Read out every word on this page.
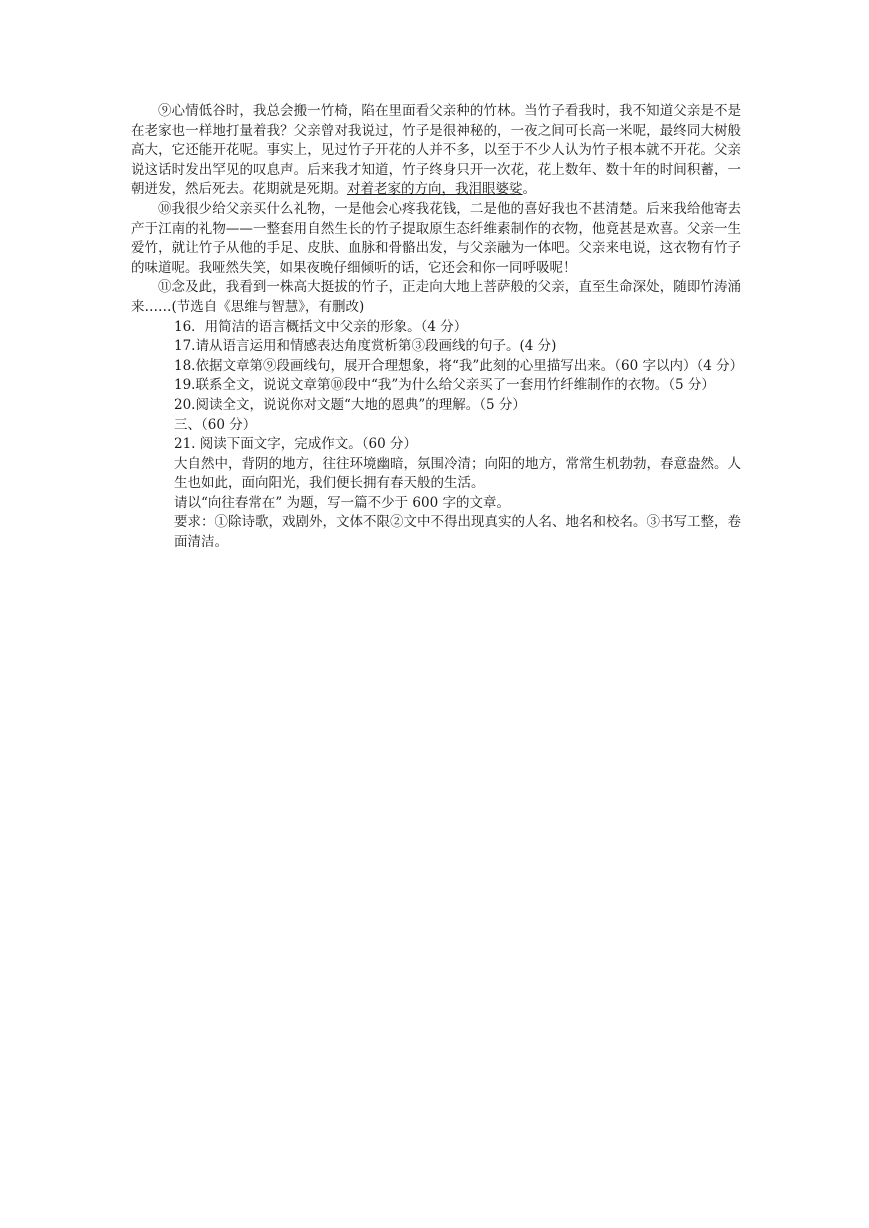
⑨心情低谷时，我总会搬一竹椅，陷在里面看父亲种的竹林。当竹子看我时，我不知道父亲是不是在老家也一样地打量着我？父亲曾对我说过，竹子是很神秘的，一夜之间可长高一米呢，最终同大树般高大，它还能开花呢。事实上，见过竹子开花的人并不多，以至于不少人认为竹子根本就不开花。父亲说这话时发出罕见的叹息声。后来我才知道，竹子终身只开一次花，花上数年、数十年的时间积蓄，一朝迸发，然后死去。花期就是死期。对着老家的方向，我泪眼婆娑。

⑩我很少给父亲买什么礼物，一是他会心疼我花钱，二是他的喜好我也不甚清楚。后来我给他寄去产于江南的礼物——一整套用自然生长的竹子提取原生态纤维素制作的衣物，他竟甚是欢喜。父亲一生爱竹，就让竹子从他的手足、皮肤、血脉和骨骼出发，与父亲融为一体吧。父亲来电说，这衣物有竹子的味道呢。我哑然失笑，如果夜晚仔细倾听的话，它还会和你一同呼吸呢！

⑪念及此，我看到一株高大挺拔的竹子，正走向大地上菩萨般的父亲，直至生命深处，随即竹涛涌来……(节选自《思维与智慧》，有删改)

16．用简洁的语言概括文中父亲的形象。（4 分）

17.请从语言运用和情感表达角度赏析第③段画线的句子。(4 分)

18.依据文章第⑨段画线句，展开合理想象，将“我”此刻的心里描写出来。（60 字以内）（4 分）

19.联系全文，说说文章第⑩段中“我”为什么给父亲买了一套用竹纤维制作的衣物。（5 分）

20.阅读全文，说说你对文题“大地的恩典”的理解。（5 分）

三、（60 分）

21. 阅读下面文字，完成作文。（60 分）

大自然中，背阴的地方，往往环境幽暗，氛围冷清；向阳的地方，常常生机勃勃，春意盎然。人生也如此，面向阳光，我们便长拥有春天般的生活。

请以“向往春常在” 为题，写一篇不少于 600 字的文章。

要求：①除诗歌，戏剧外，文体不限②文中不得出现真实的人名、地名和校名。③书写工整，卷面清洁。
